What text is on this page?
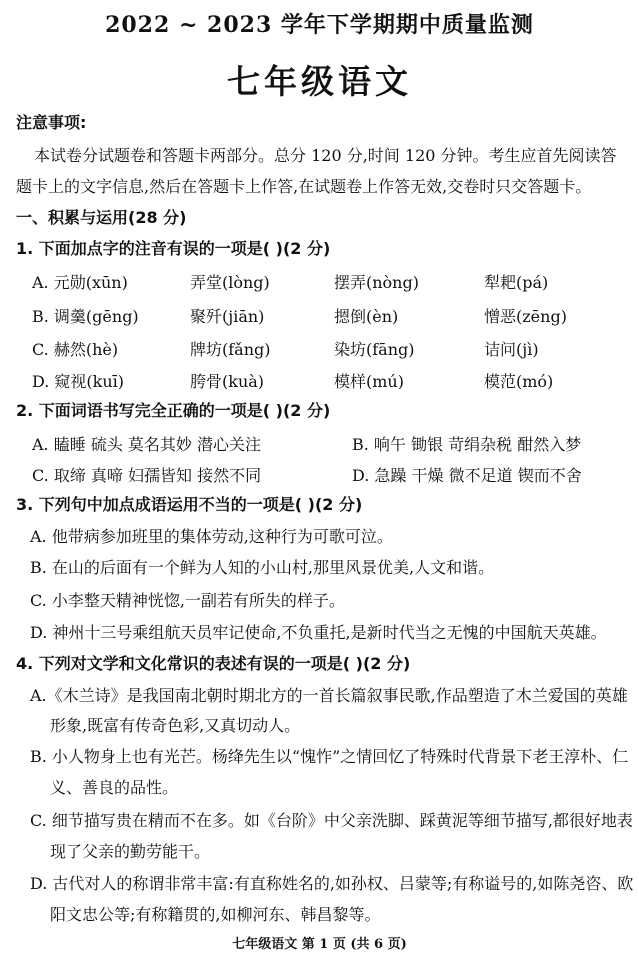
2022 ~ 2023 学年下学期期中质量监测
七年级语文
注意事项:
本试卷分试题卷和答题卡两部分。总分 120 分,时间 120 分钟。考生应首先阅读答
题卡上的文字信息,然后在答题卡上作答,在试题卷上作答无效,交卷时只交答题卡。
一、积累与运用(28 分)
1. 下面加点字的注音有误的一项是( )(2 分)
A. 元勋(xūn)	弄堂(lòng)	摆弄(nòng)	犁耙(pá)
B. 调羹(gēng)	聚歼(jiān)	摁倒(èn)	憎恶(zēng)
C. 赫然(hè)	牌坊(fǎng)	染坊(fāng)	诘问(jì)
D. 窥视(kuī)	胯骨(kuà)	模样(mú)	模范(mó)
2. 下面词语书写完全正确的一项是( )(2 分)
A. 瞌睡 硫头 莫名其妙 潜心关注	B. 响午 锄银 苛绢杂税 酣然入梦
C. 取缔 真啼 妇孺皆知 接然不同	D. 急躁 干燥 微不足道 锲而不舍
3. 下列句中加点成语运用不当的一项是( )(2 分)
A. 他带病参加班里的集体劳动,这种行为可歌可泣。
B. 在山的后面有一个鲜为人知的小山村,那里风景优美,人文和谐。
C. 小李整天精神恍惚,一副若有所失的样子。
D. 神州十三号乘组航天员牢记使命,不负重托,是新时代当之无愧的中国航天英雄。
4. 下列对文学和文化常识的表述有误的一项是( )(2 分)
A.《木兰诗》是我国南北朝时期北方的一首长篇叙事民歌,作品塑造了木兰爱国的英雄
形象,既富有传奇色彩,又真切动人。
B. 小人物身上也有光芒。杨绛先生以“愧怍”之情回忆了特殊时代背景下老王淳朴、仁
义、善良的品性。
C. 细节描写贵在精而不在多。如《台阶》中父亲洗脚、踩黄泥等细节描写,都很好地表
现了父亲的勤劳能干。
D. 古代对人的称谓非常丰富:有直称姓名的,如孙权、吕蒙等;有称谥号的,如陈尧咨、欧
阳文忠公等;有称籍贯的,如柳河东、韩昌黎等。
七年级语文 第 1 页 (共 6 页)
